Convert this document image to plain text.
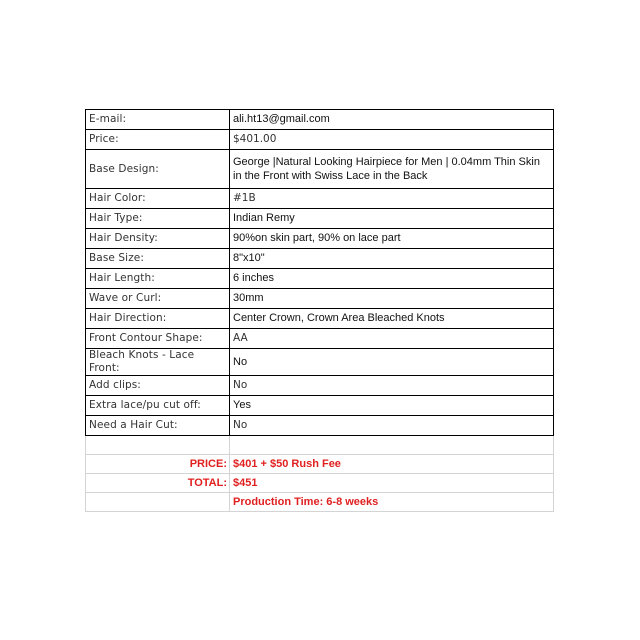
E-mail:	ali.ht13@gmail.com
Price:	$401.00
Base Design:	George |Natural Looking Hairpiece for Men | 0.04mm Thin Skin in the Front with Swiss Lace in the Back
Hair Color:	#1B
Hair Type:	Indian Remy
Hair Density:	90%on skin part, 90% on lace part
Base Size:	8"x10"
Hair Length:	6 inches
Wave or Curl:	30mm
Hair Direction:	Center Crown, Crown Area Bleached Knots
Front Contour Shape:	AA
Bleach Knots - Lace Front:	No
Add clips:	No
Extra lace/pu cut off:	Yes
Need a Hair Cut:	No

PRICE:	$401 + $50 Rush Fee
TOTAL:	$451
	Production Time: 6-8 weeks
